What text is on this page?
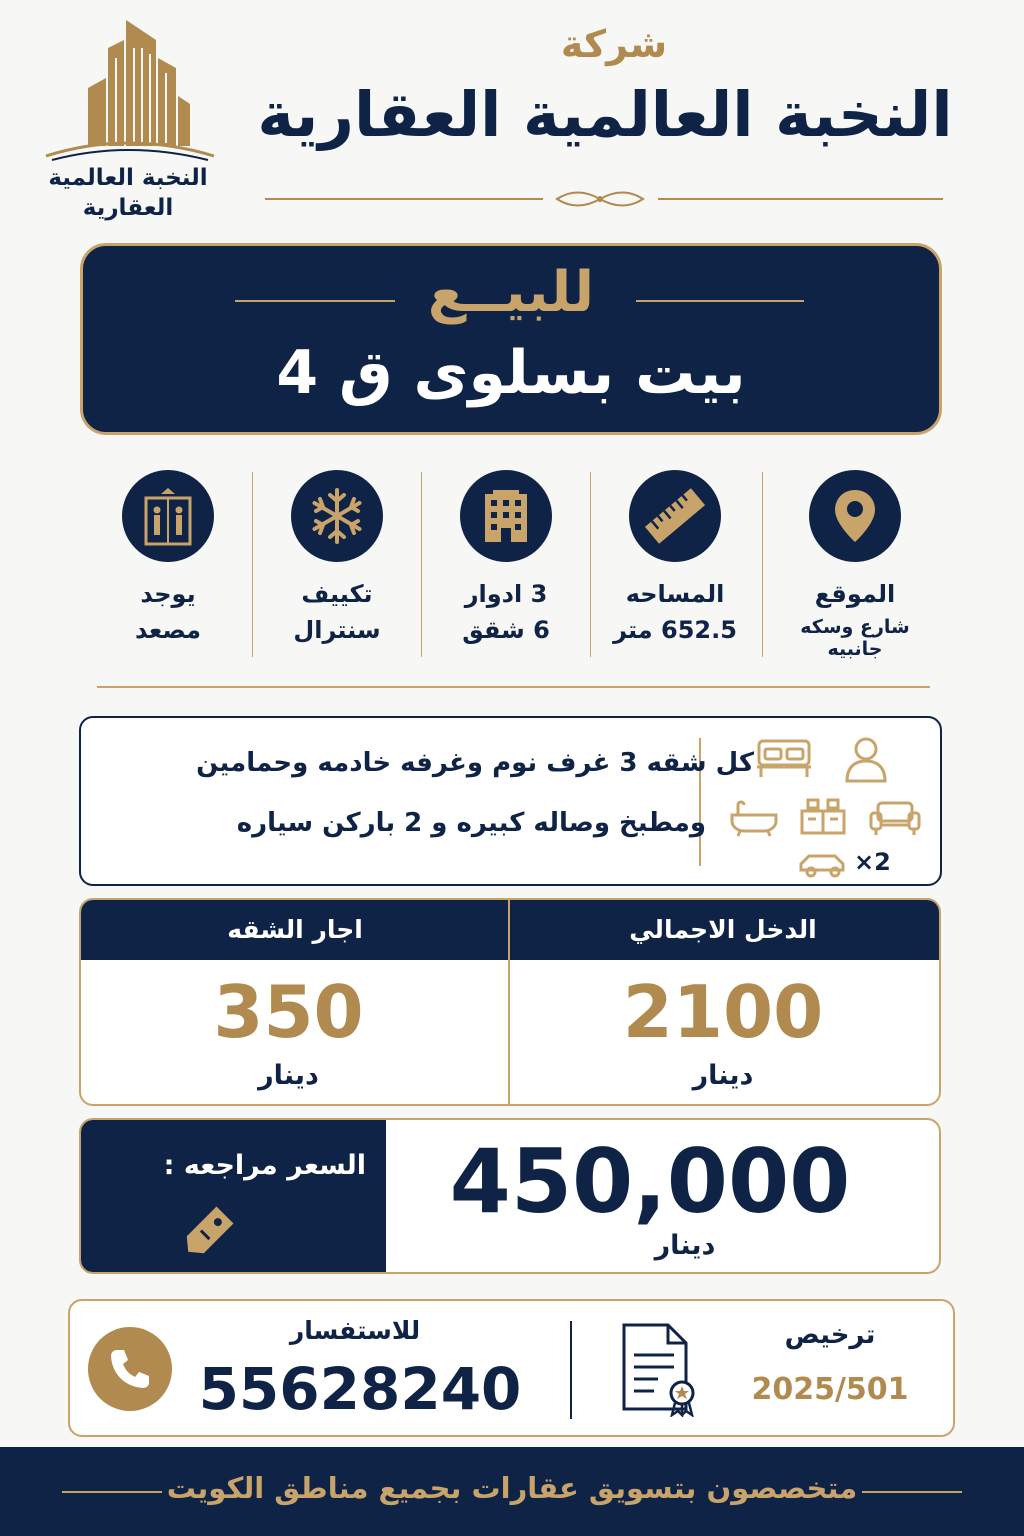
النخبة العالمية
العقارية
شركة
النخبة العالمية العقارية
للبيــع
بيت بسلوى ق 4
الموقع
شارع وسكه جانبيه
المساحه
652.5 متر
3 ادوار
6 شقق
تكييف
سنترال
يوجد
مصعد
كل شقه 3 غرف نوم وغرفه خادمه وحمامين
ومطبخ وصاله كبيره و 2 باركن سياره
×2
الدخل الاجمالي
اجار الشقه
2100
دينار
350
دينار
السعر مراجعه : 450,000
دينار
للاستفسار
55628240
ترخيص
2025/501
متخصصون بتسويق عقارات بجميع مناطق الكويت
